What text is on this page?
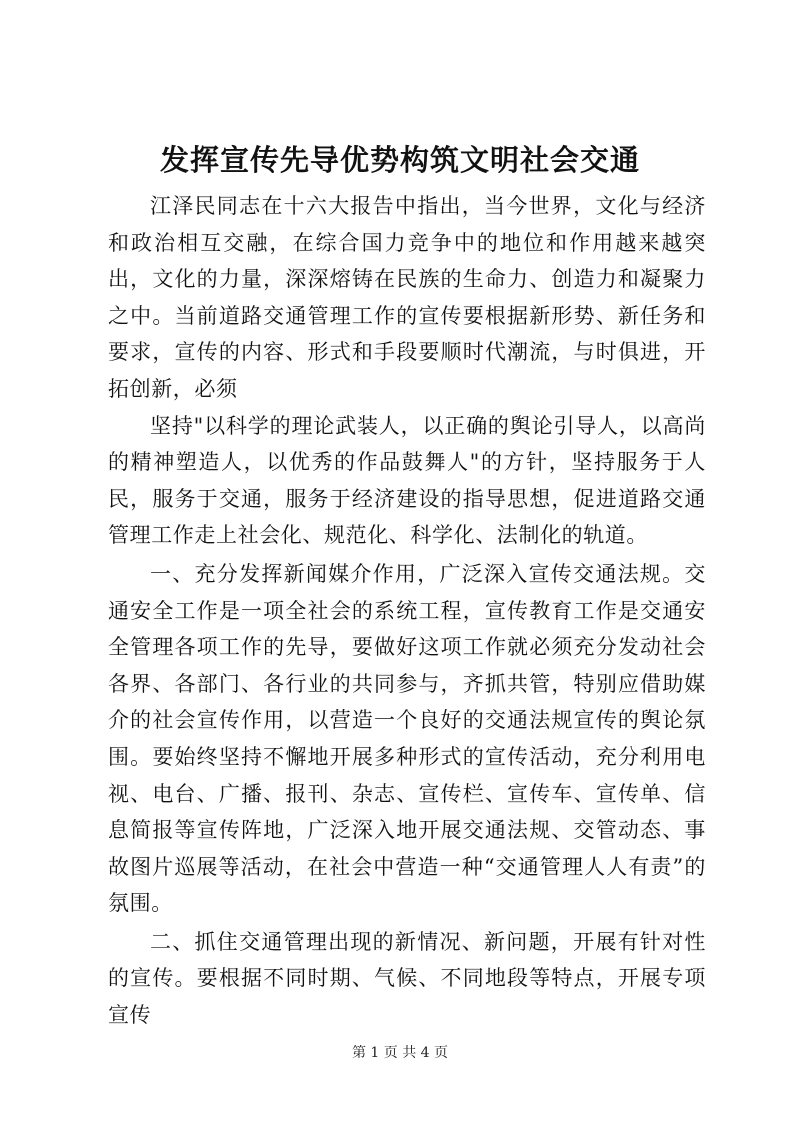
发挥宣传先导优势构筑文明社会交通

江泽民同志在十六大报告中指出，当今世界，文化与经济和政治相互交融，在综合国力竞争中的地位和作用越来越突出，文化的力量，深深熔铸在民族的生命力、创造力和凝聚力之中。当前道路交通管理工作的宣传要根据新形势、新任务和要求，宣传的内容、形式和手段要顺时代潮流，与时俱进，开拓创新，必须

坚持"以科学的理论武装人，以正确的舆论引导人，以高尚的精神塑造人，以优秀的作品鼓舞人"的方针，坚持服务于人民，服务于交通，服务于经济建设的指导思想，促进道路交通管理工作走上社会化、规范化、科学化、法制化的轨道。

一、充分发挥新闻媒介作用，广泛深入宣传交通法规。交通安全工作是一项全社会的系统工程，宣传教育工作是交通安全管理各项工作的先导，要做好这项工作就必须充分发动社会各界、各部门、各行业的共同参与，齐抓共管，特别应借助媒介的社会宣传作用，以营造一个良好的交通法规宣传的舆论氛围。要始终坚持不懈地开展多种形式的宣传活动，充分利用电视、电台、广播、报刊、杂志、宣传栏、宣传车、宣传单、信息简报等宣传阵地，广泛深入地开展交通法规、交管动态、事故图片巡展等活动，在社会中营造一种“交通管理人人有责”的氛围。

二、抓住交通管理出现的新情况、新问题，开展有针对性的宣传。要根据不同时期、气候、不同地段等特点，开展专项宣传

第 1 页 共 4 页
